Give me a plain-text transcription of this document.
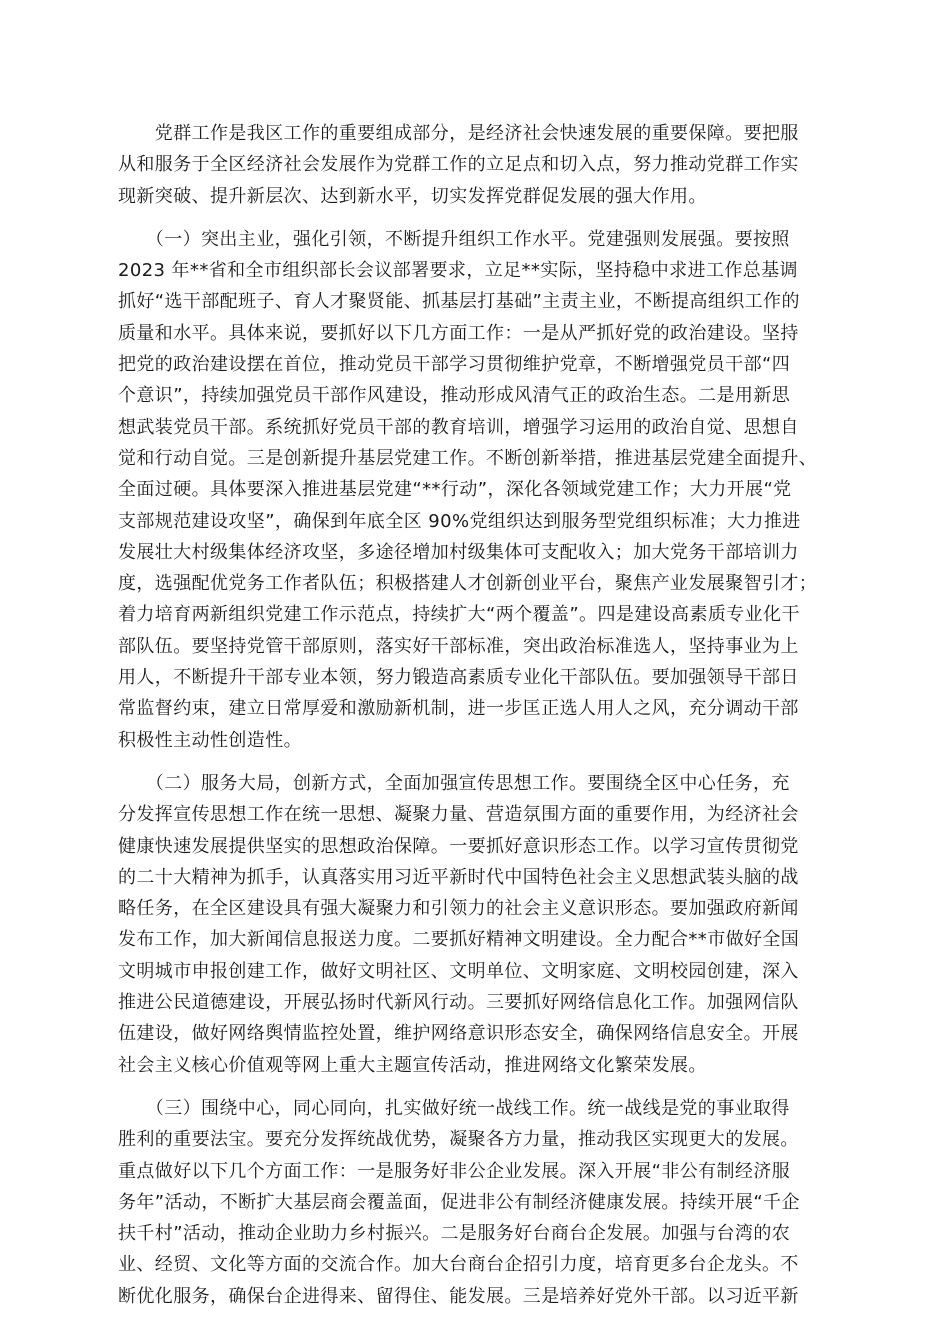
　　党群工作是我区工作的重要组成部分，是经济社会快速发展的重要保障。要把服
从和服务于全区经济社会发展作为党群工作的立足点和切入点，努力推动党群工作实
现新突破、提升新层次、达到新水平，切实发挥党群促发展的强大作用。

　　（一）突出主业，强化引领，不断提升组织工作水平。党建强则发展强。要按照
2023 年**省和全市组织部长会议部署要求，立足**实际，坚持稳中求进工作总基调
抓好“选干部配班子、育人才聚贤能、抓基层打基础”主责主业，不断提高组织工作的
质量和水平。具体来说，要抓好以下几方面工作：一是从严抓好党的政治建设。坚持
把党的政治建设摆在首位，推动党员干部学习贯彻维护党章，不断增强党员干部“四
个意识”，持续加强党员干部作风建设，推动形成风清气正的政治生态。二是用新思
想武装党员干部。系统抓好党员干部的教育培训，增强学习运用的政治自觉、思想自
觉和行动自觉。三是创新提升基层党建工作。不断创新举措，推进基层党建全面提升、
全面过硬。具体要深入推进基层党建“**行动”，深化各领域党建工作；大力开展“党
支部规范建设攻坚”，确保到年底全区 90%党组织达到服务型党组织标准；大力推进
发展壮大村级集体经济攻坚，多途径增加村级集体可支配收入；加大党务干部培训力
度，选强配优党务工作者队伍；积极搭建人才创新创业平台，聚焦产业发展聚智引才；
着力培育两新组织党建工作示范点，持续扩大“两个覆盖”。四是建设高素质专业化干
部队伍。要坚持党管干部原则，落实好干部标准，突出政治标准选人，坚持事业为上
用人，不断提升干部专业本领，努力锻造高素质专业化干部队伍。要加强领导干部日
常监督约束，建立日常厚爱和激励新机制，进一步匡正选人用人之风，充分调动干部
积极性主动性创造性。

　　（二）服务大局，创新方式，全面加强宣传思想工作。要围绕全区中心任务，充
分发挥宣传思想工作在统一思想、凝聚力量、营造氛围方面的重要作用，为经济社会
健康快速发展提供坚实的思想政治保障。一要抓好意识形态工作。以学习宣传贯彻党
的二十大精神为抓手，认真落实用习近平新时代中国特色社会主义思想武装头脑的战
略任务，在全区建设具有强大凝聚力和引领力的社会主义意识形态。要加强政府新闻
发布工作，加大新闻信息报送力度。二要抓好精神文明建设。全力配合**市做好全国
文明城市申报创建工作，做好文明社区、文明单位、文明家庭、文明校园创建，深入
推进公民道德建设，开展弘扬时代新风行动。三要抓好网络信息化工作。加强网信队
伍建设，做好网络舆情监控处置，维护网络意识形态安全，确保网络信息安全。开展
社会主义核心价值观等网上重大主题宣传活动，推进网络文化繁荣发展。

　　（三）围绕中心，同心同向，扎实做好统一战线工作。统一战线是党的事业取得
胜利的重要法宝。要充分发挥统战优势，凝聚各方力量，推动我区实现更大的发展。
重点做好以下几个方面工作：一是服务好非公企业发展。深入开展“非公有制经济服
务年”活动，不断扩大基层商会覆盖面，促进非公有制经济健康发展。持续开展“千企
扶千村”活动，推动企业助力乡村振兴。二是服务好台商台企发展。加强与台湾的农
业、经贸、文化等方面的交流合作。加大台商台企招引力度，培育更多台企龙头。不
断优化服务，确保台企进得来、留得住、能发展。三是培养好党外干部。以习近平新
